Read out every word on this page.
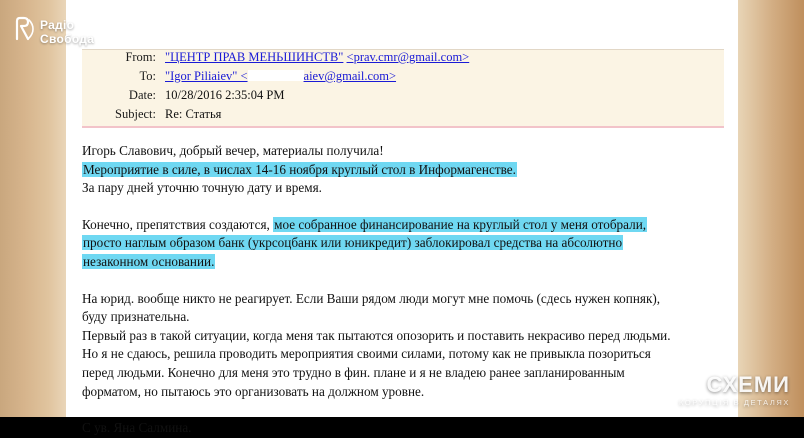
Радіо
Свобода
From: "ЦЕНТР ПРАВ МЕНЬШИНСТВ" <prav.cmr@gmail.com>
To: "Igor Piliaiev" <	aiev@gmail.com>
Date: 10/28/2016 2:35:04 PM
Subject: Re: Статья
Игорь Славович, добрый вечер, материалы получила!
Мероприятие в силе, в числах 14-16 ноября круглый стол в Информагенстве.
За пару дней уточню точную дату и время.
Конечно, препятствия создаются, мое собранное финансирование на круглый стол у меня отобрали,
просто наглым образом банк (укрсоцбанк или юникредит) заблокировал средства на абсолютно
незаконном основании.
На юрид. вообще никто не реагирует. Если Ваши рядом люди могут мне помочь (сдесь нужен копняк),
буду признательна.
Первый раз в такой ситуации, когда меня так пытаются опозорить и поставить некрасиво перед людьми.
Но я не сдаюсь, решила проводить мероприятия своими силами, потому как не привыкла позориться
перед людьми. Конечно для меня это трудно в фин. плане и я не владею ранее запланированным
форматом, но пытаюсь это организовать на должном уровне.
С ув. Яна Салмина.
СХЕМИ
КОРУПЦІЯ В ДЕТАЛЯХ
